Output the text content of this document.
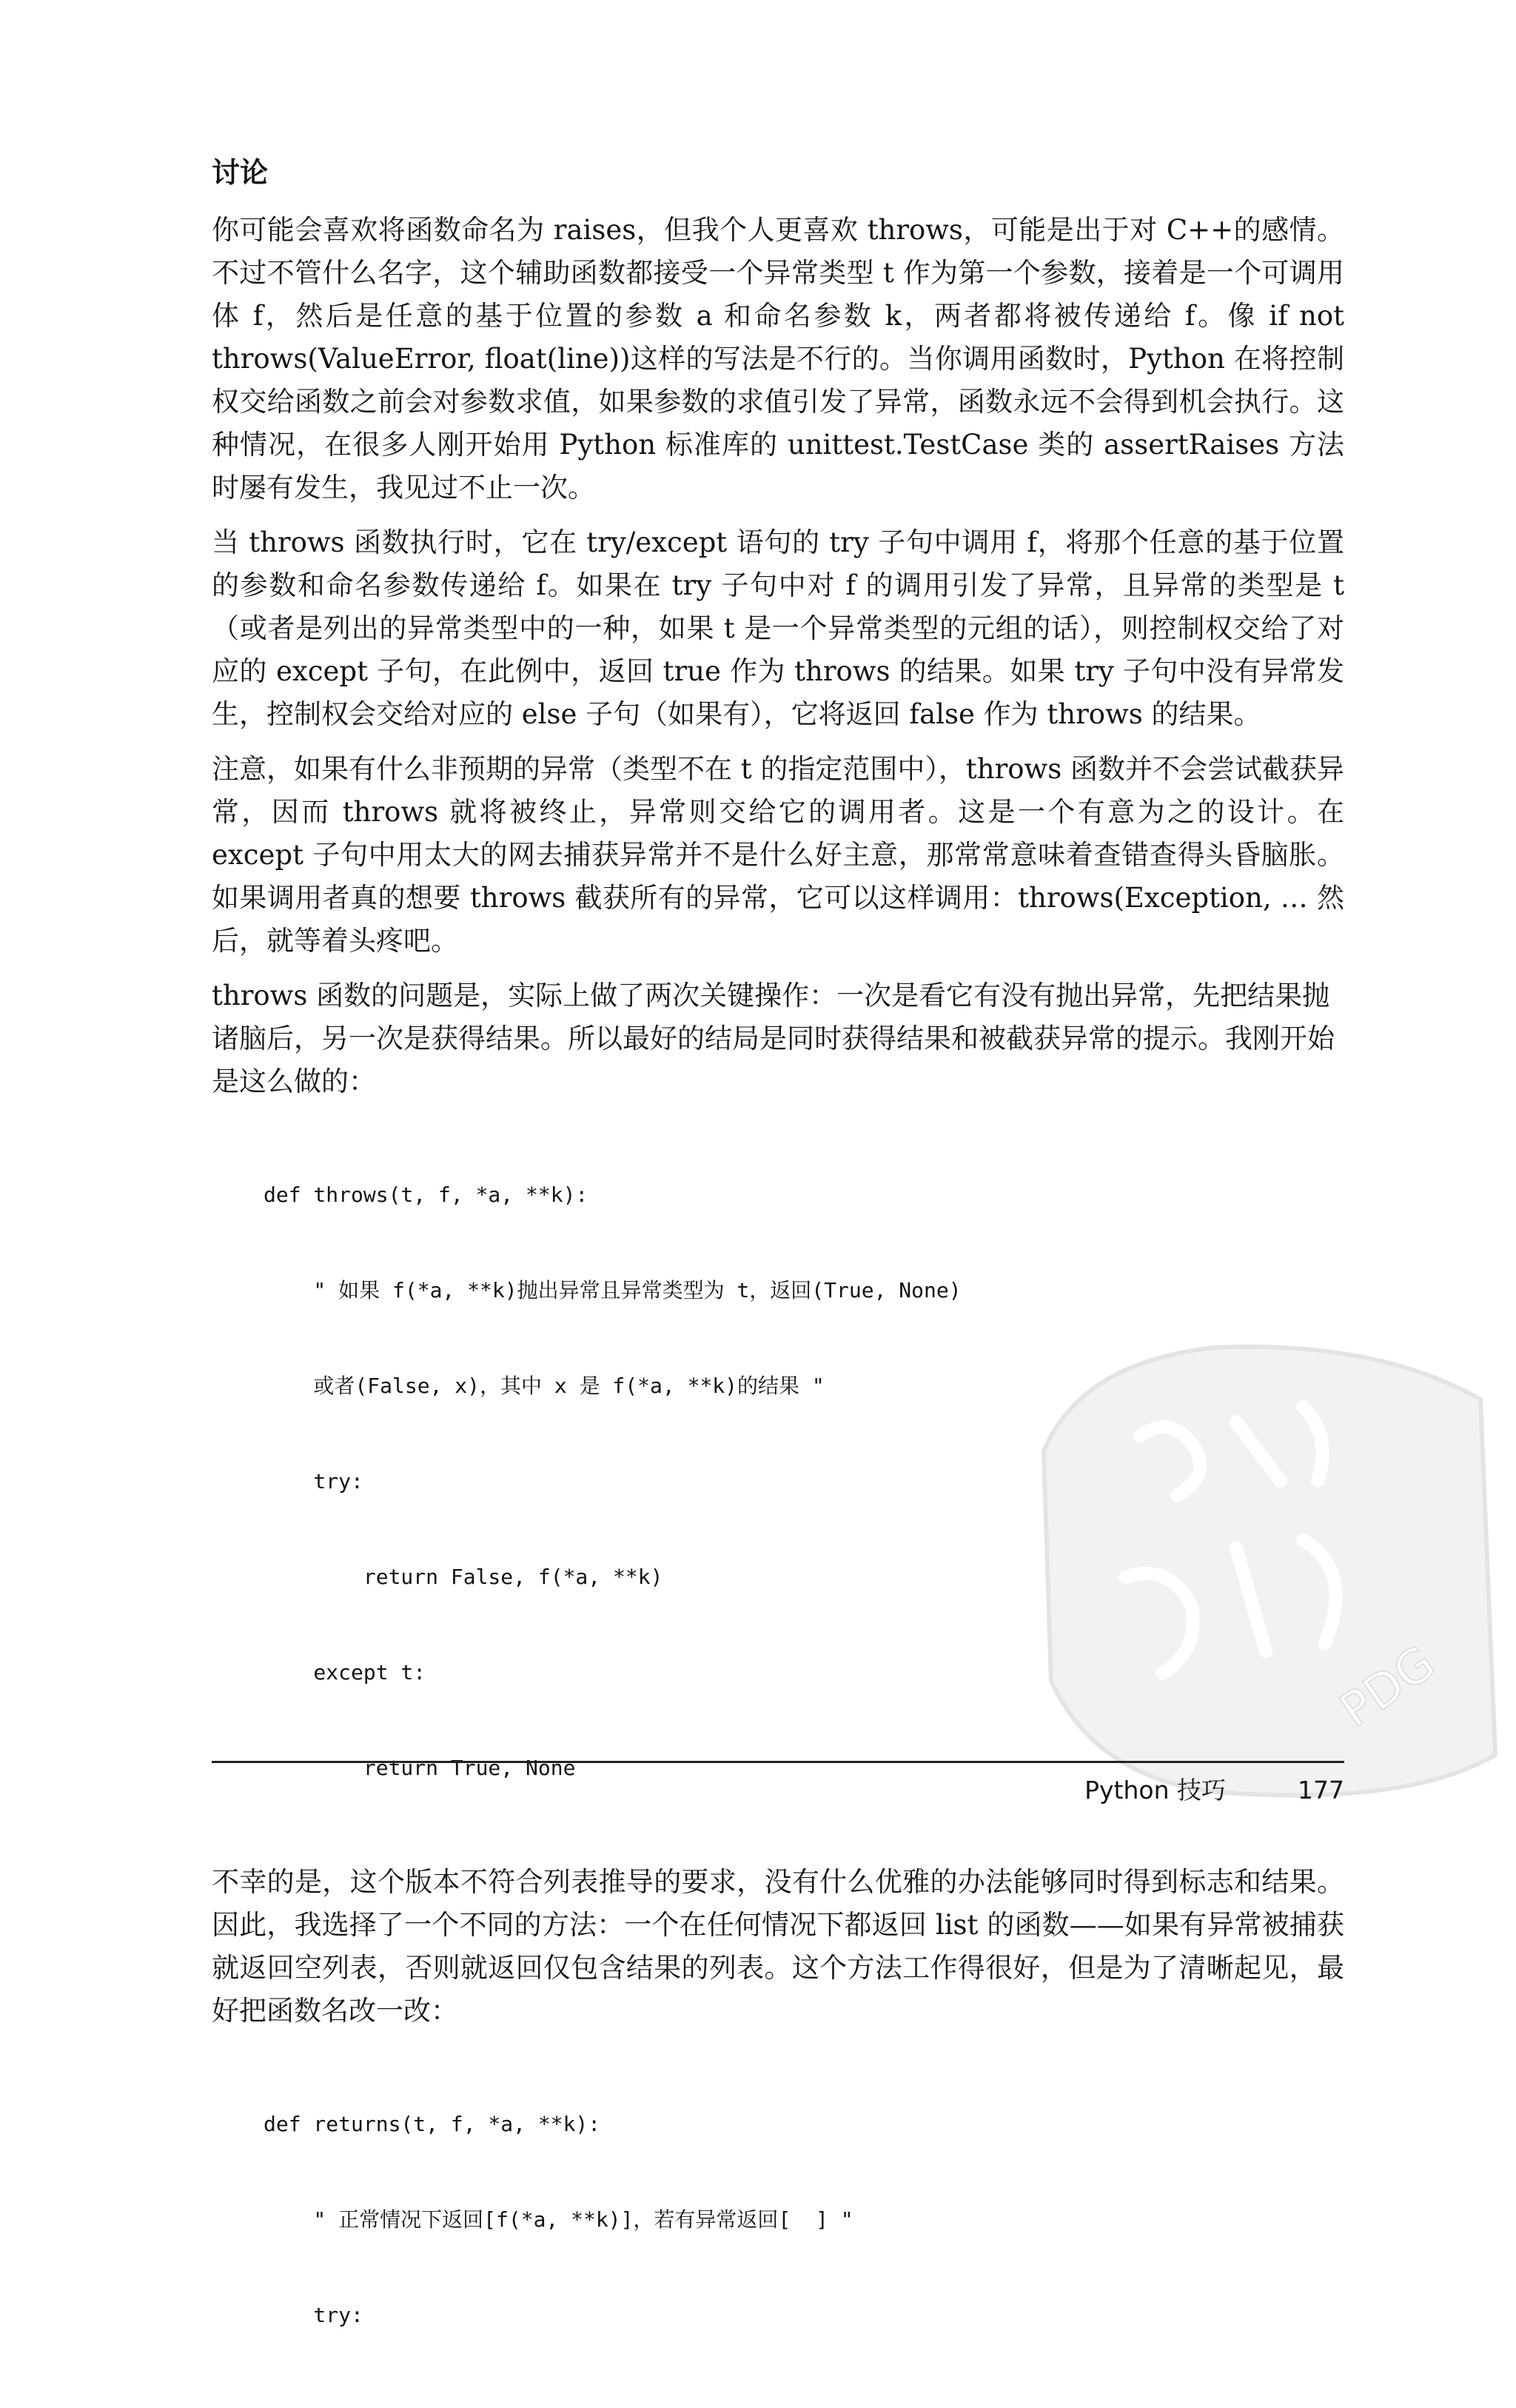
讨论

你可能会喜欢将函数命名为 raises，但我个人更喜欢 throws，可能是出于对 C++的感情。不过不管什么名字，这个辅助函数都接受一个异常类型 t 作为第一个参数，接着是一个可调用体 f，然后是任意的基于位置的参数 a 和命名参数 k，两者都将被传递给 f。像 if not throws(ValueError, float(line))这样的写法是不行的。当你调用函数时，Python 在将控制权交给函数之前会对参数求值，如果参数的求值引发了异常，函数永远不会得到机会执行。这种情况，在很多人刚开始用 Python 标准库的 unittest.TestCase 类的 assertRaises 方法时屡有发生，我见过不止一次。

当 throws 函数执行时，它在 try/except 语句的 try 子句中调用 f，将那个任意的基于位置的参数和命名参数传递给 f。如果在 try 子句中对 f 的调用引发了异常，且异常的类型是 t（或者是列出的异常类型中的一种，如果 t 是一个异常类型的元组的话），则控制权交给了对应的 except 子句，在此例中，返回 true 作为 throws 的结果。如果 try 子句中没有异常发生，控制权会交给对应的 else 子句（如果有），它将返回 false 作为 throws 的结果。

注意，如果有什么非预期的异常（类型不在 t 的指定范围中），throws 函数并不会尝试截获异常，因而 throws 就将被终止，异常则交给它的调用者。这是一个有意为之的设计。在 except 子句中用太大的网去捕获异常并不是什么好主意，那常常意味着查错查得头昏脑胀。如果调用者真的想要 throws 截获所有的异常，它可以这样调用：throws(Exception, … 然后，就等着头疼吧。

throws 函数的问题是，实际上做了两次关键操作：一次是看它有没有抛出异常，先把结果抛诸脑后，另一次是获得结果。所以最好的结局是同时获得结果和被截获异常的提示。我刚开始是这么做的：

def throws(t, f, *a, **k):

" 如果 f(*a, **k)抛出异常且异常类型为 t，返回(True, None)

或者(False, x)，其中 x 是 f(*a, **k)的结果 "

try:

return False, f(*a, **k)

except t:

return True, None

不幸的是，这个版本不符合列表推导的要求，没有什么优雅的办法能够同时得到标志和结果。因此，我选择了一个不同的方法：一个在任何情况下都返回 list 的函数——如果有异常被捕获就返回空列表，否则就返回仅包含结果的列表。这个方法工作得很好，但是为了清晰起见，最好把函数名改一改：

def returns(t, f, *a, **k):

" 正常情况下返回[f(*a, **k)]，若有异常返回[  ] "

try:

PDG
Python 技巧	177
